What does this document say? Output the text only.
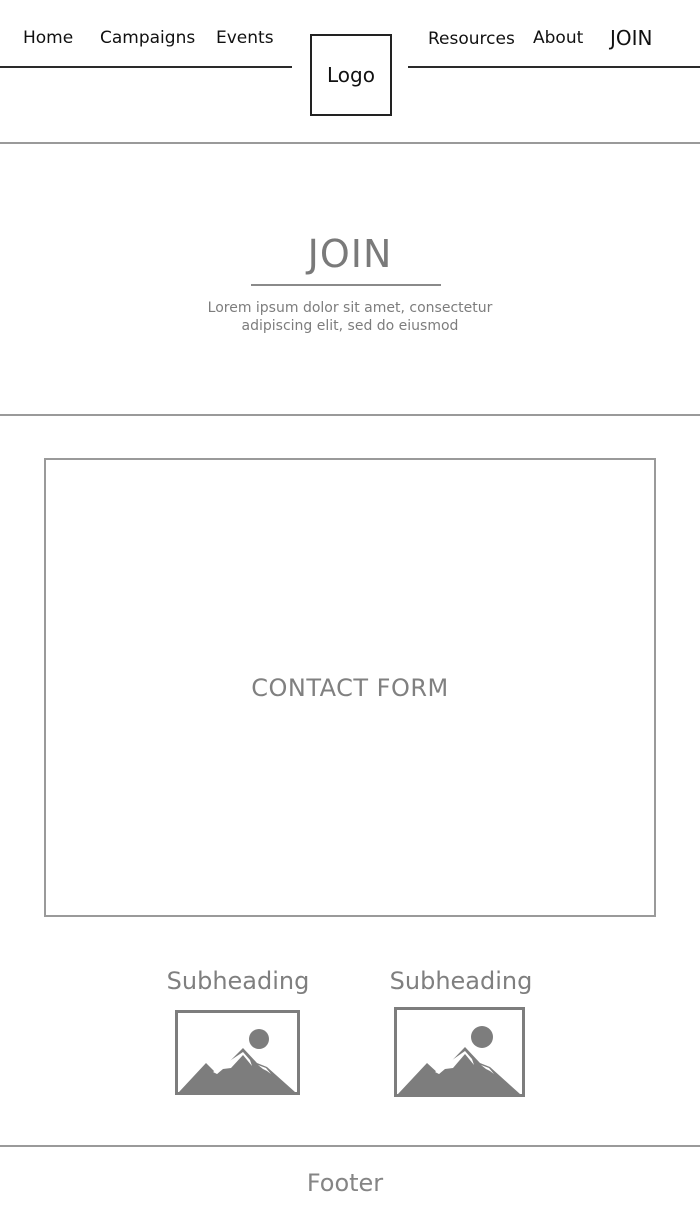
Home Campaigns Events
Logo
Resources About JOIN
JOIN
Lorem ipsum dolor sit amet, consectetur
adipiscing elit, sed do eiusmod
CONTACT FORM
Subheading	Subheading
Footer
